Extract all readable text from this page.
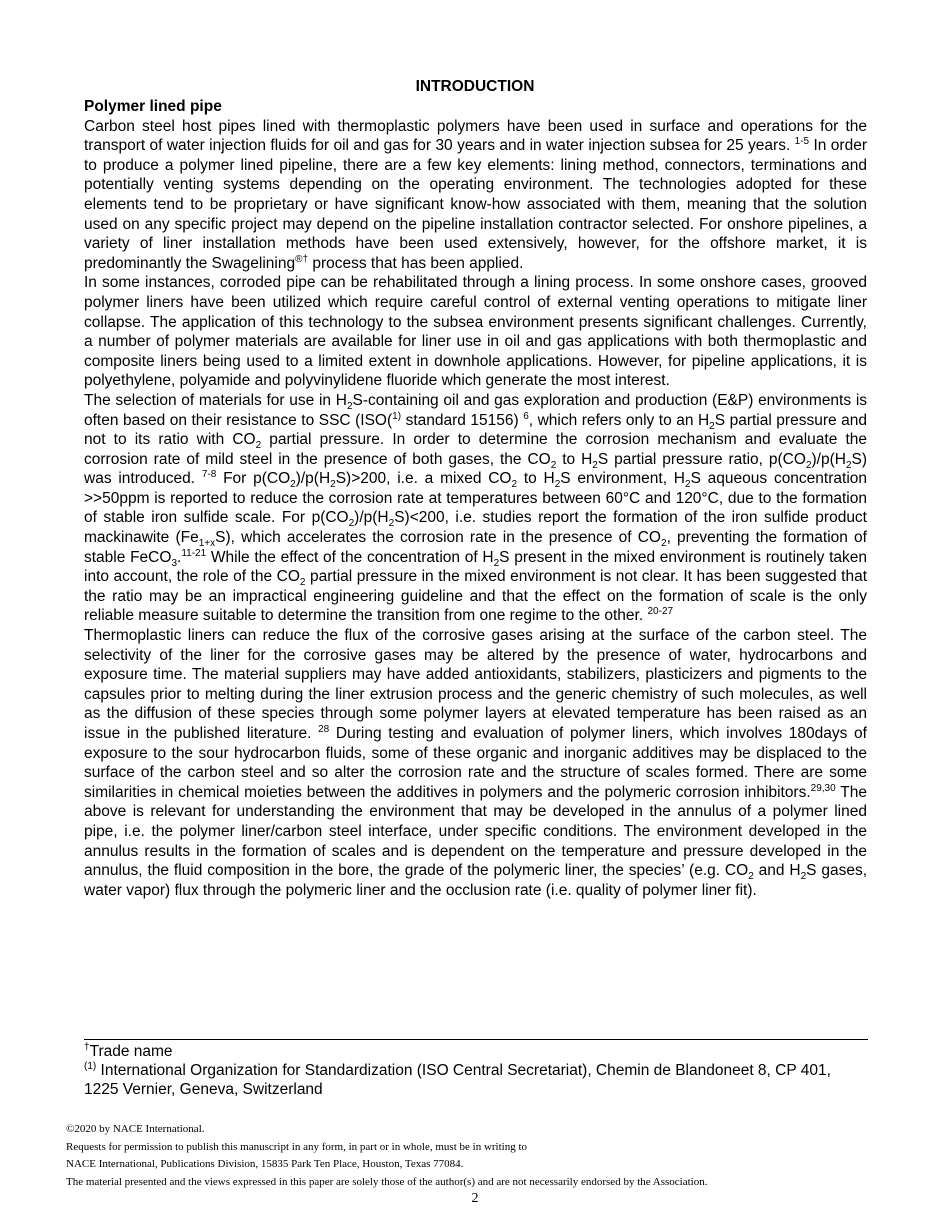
INTRODUCTION
Polymer lined pipe

Carbon steel host pipes lined with thermoplastic polymers have been used in surface and operations for the transport of water injection fluids for oil and gas for 30 years and in water injection subsea for 25 years. $^{1-5}$ In order to produce a polymer lined pipeline, there are a few key elements: lining method, connectors, terminations and potentially venting systems depending on the operating environment. The technologies adopted for these elements tend to be proprietary or have significant know-how associated with them, meaning that the solution used on any specific project may depend on the pipeline installation contractor selected. For onshore pipelines, a variety of liner installation methods have been used extensively, however, for the offshore market, it is predominantly the Swagelining®† process that has been applied.

In some instances, corroded pipe can be rehabilitated through a lining process. In some onshore cases, grooved polymer liners have been utilized which require careful control of external venting operations to mitigate liner collapse. The application of this technology to the subsea environment presents significant challenges. Currently, a number of polymer materials are available for liner use in oil and gas applications with both thermoplastic and composite liners being used to a limited extent in downhole applications. However, for pipeline applications, it is polyethylene, polyamide and polyvinylidene fluoride which generate the most interest.

The selection of materials for use in $H_2S$-containing oil and gas exploration and production (E&P) environments is often based on their resistance to SSC (ISO($^{1)}$ standard 15156) $^6$, which refers only to an $H_2S$ partial pressure and not to its ratio with $CO_2$ partial pressure. In order to determine the corrosion mechanism and evaluate the corrosion rate of mild steel in the presence of both gases, the $CO_2$ to $H_2S$ partial pressure ratio, $p(CO_2)/p(H_2S)$ was introduced. $^{7-8}$ For $p(CO_2)/p(H_2S)>200$, i.e. a mixed $CO_2$ to $H_2S$ environment, $H_2S$ aqueous concentration >>50ppm is reported to reduce the corrosion rate at temperatures between 60°C and 120°C, due to the formation of stable iron sulfide scale. For $p(CO_2)/p(H_2S)<200$, i.e. studies report the formation of the iron sulfide product mackinawite $(Fe_{1+x}S)$, which accelerates the corrosion rate in the presence of $CO_2$, preventing the formation of stable FeCO$_3$.$^{11-21}$ While the effect of the concentration of $H_2S$ present in the mixed environment is routinely taken into account, the role of the $CO_2$ partial pressure in the mixed environment is not clear. It has been suggested that the ratio may be an impractical engineering guideline and that the effect on the formation of scale is the only reliable measure suitable to determine the transition from one regime to the other. $^{20-27}$

Thermoplastic liners can reduce the flux of the corrosive gases arising at the surface of the carbon steel. The selectivity of the liner for the corrosive gases may be altered by the presence of water, hydrocarbons and exposure time. The material suppliers may have added antioxidants, stabilizers, plasticizers and pigments to the capsules prior to melting during the liner extrusion process and the generic chemistry of such molecules, as well as the diffusion of these species through some polymer layers at elevated temperature has been raised as an issue in the published literature. $^{28}$ During testing and evaluation of polymer liners, which involves 180days of exposure to the sour hydrocarbon fluids, some of these organic and inorganic additives may be displaced to the surface of the carbon steel and so alter the corrosion rate and the structure of scales formed. There are some similarities in chemical moieties between the additives in polymers and the polymeric corrosion inhibitors.$^{29,30}$ The above is relevant for understanding the environment that may be developed in the annulus of a polymer lined pipe, i.e. the polymer liner/carbon steel interface, under specific conditions. The environment developed in the annulus results in the formation of scales and is dependent on the temperature and pressure developed in the annulus, the fluid composition in the bore, the grade of the polymeric liner, the species’ (e.g. $CO_2$ and $H_2S$ gases, water vapor) flux through the polymeric liner and the occlusion rate (i.e. quality of polymer liner fit).

†Trade name

$^{(1)}$ International Organization for Standardization (ISO Central Secretariat), Chemin de Blandoneet 8, CP 401, 1225 Vernier, Geneva, Switzerland

©2020 by NACE International.

Requests for permission to publish this manuscript in any form, in part or in whole, must be in writing to

NACE International, Publications Division, 15835 Park Ten Place, Houston, Texas 77084.

The material presented and the views expressed in this paper are solely those of the author(s) and are not necessarily endorsed by the Association.

2
